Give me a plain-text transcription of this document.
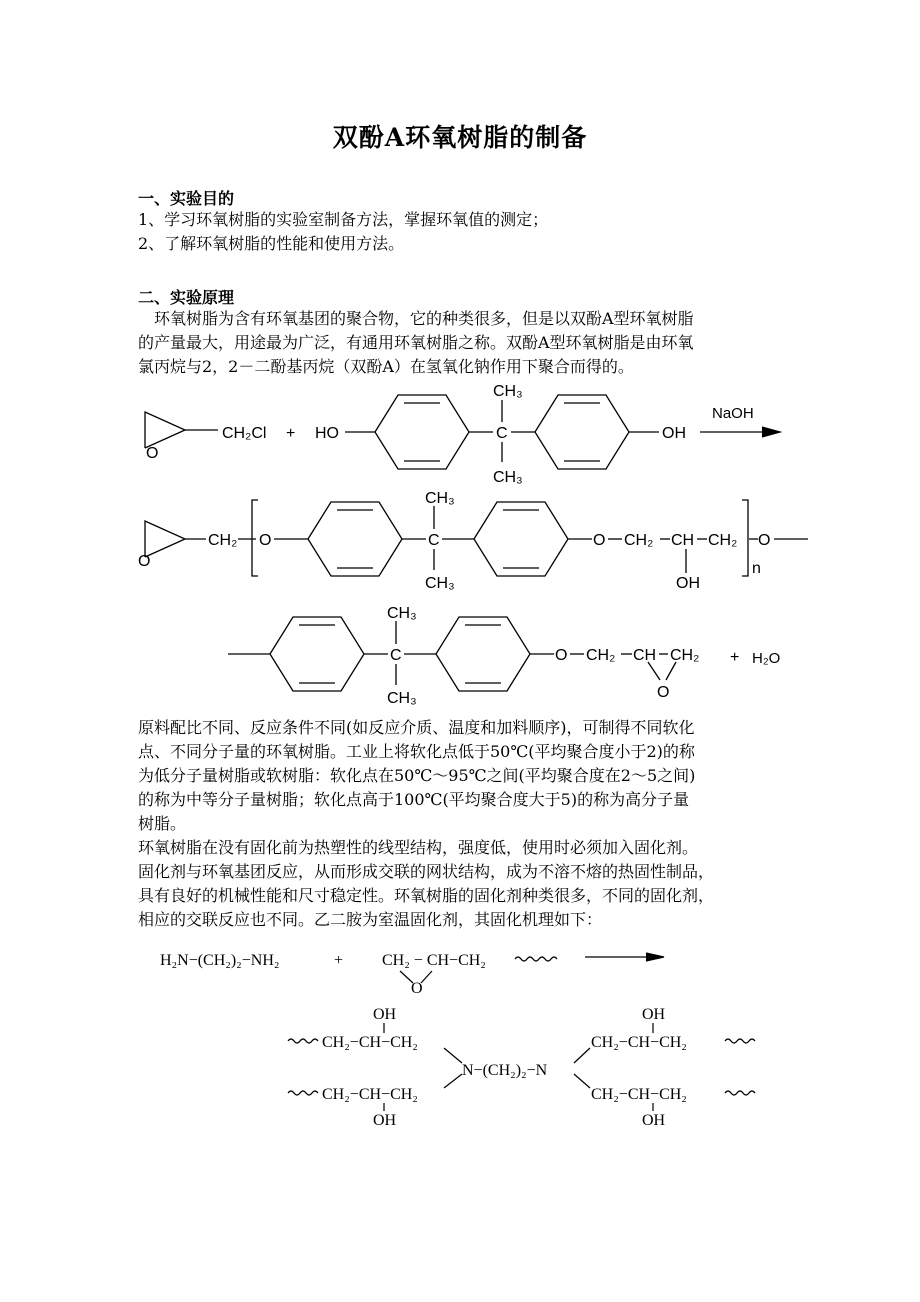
双酚A环氧树脂的制备
一、实验目的
1、学习环氧树脂的实验室制备方法，掌握环氧值的测定；
2、了解环氧树脂的性能和使用方法。
二、实验原理

　环氧树脂为含有环氧基团的聚合物，它的种类很多，但是以双酚A型环氧树脂

的产量最大，用途最为广泛，有通用环氧树脂之称。双酚A型环氧树脂是由环氧

氯丙烷与2，2－二酚基丙烷（双酚A）在氢氧化钠作用下聚合而得的。

O
CH₂Cl + HO	C
CH₃
CH₃
OH
NaOH
O
CH₂ O	C
CH₃
CH₃
O CH₂ CH CH₂
OH
O
n
C
CH₃
CH₃
O CH₂ CH CH₂
O
+ H₂O

原料配比不同、反应条件不同(如反应介质、温度和加料顺序)，可制得不同软化

点、不同分子量的环氧树脂。工业上将软化点低于50℃(平均聚合度小于2)的称

为低分子量树脂或软树脂：软化点在50℃～95℃之间(平均聚合度在2～5之间)

的称为中等分子量树脂；软化点高于100℃(平均聚合度大于5)的称为高分子量

树脂。

环氧树脂在没有固化前为热塑性的线型结构，强度低，使用时必须加入固化剂。

固化剂与环氧基团反应，从而形成交联的网状结构，成为不溶不熔的热固性制品，

具有良好的机械性能和尺寸稳定性。环氧树脂的固化剂种类很多，不同的固化剂，

相应的交联反应也不同。乙二胺为室温固化剂，其固化机理如下：

H₂N−(CH₂)₂−NH₂	+ CH₂ − CH−CH₂
O
OH
CH₂−CH−CH₂
CH₂−CH−CH₂
OH
N−(CH₂)₂−N
OH
CH₂−CH−CH₂
CH₂−CH−CH₂
OH
